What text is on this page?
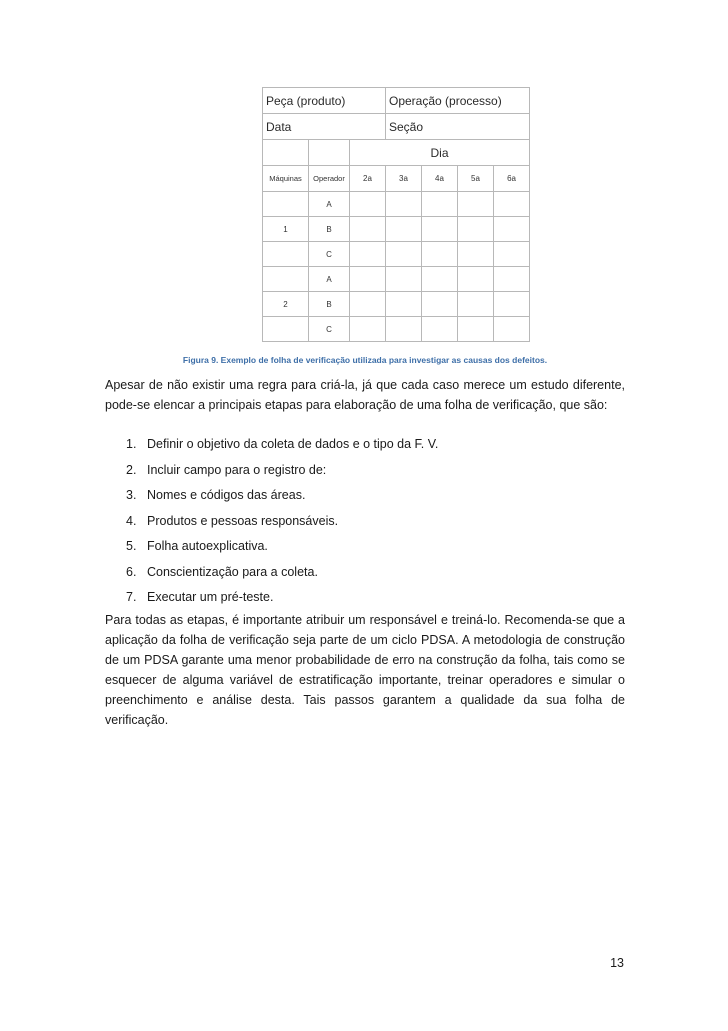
Peça (produto)			Operação (processo)			
Data			Seção			
		Dia				
Máquinas	Operador	2a	3a	4a	5a	6a
	A					
1	B					
	C					
	A					
2	B					
	C					
Figura 9. Exemplo de folha de verificação utilizada para investigar as causas dos defeitos.

Apesar de não existir uma regra para criá-la, já que cada caso merece um estudo diferente, pode-se elencar a principais etapas para elaboração de uma folha de verificação, que são:

1. Definir o objetivo da coleta de dados e o tipo da F. V.
2. Incluir campo para o registro de:
3. Nomes e códigos das áreas.
4. Produtos e pessoas responsáveis.
5. Folha autoexplicativa.
6. Conscientização para a coleta.
7. Executar um pré-teste.

Para todas as etapas, é importante atribuir um responsável e treiná-lo. Recomenda-se que a aplicação da folha de verificação seja parte de um ciclo PDSA. A metodologia de construção de um PDSA garante uma menor probabilidade de erro na construção da folha, tais como se esquecer de alguma variável de estratificação importante, treinar operadores e simular o preenchimento e análise desta. Tais passos garantem a qualidade da sua folha de verificação.

13
